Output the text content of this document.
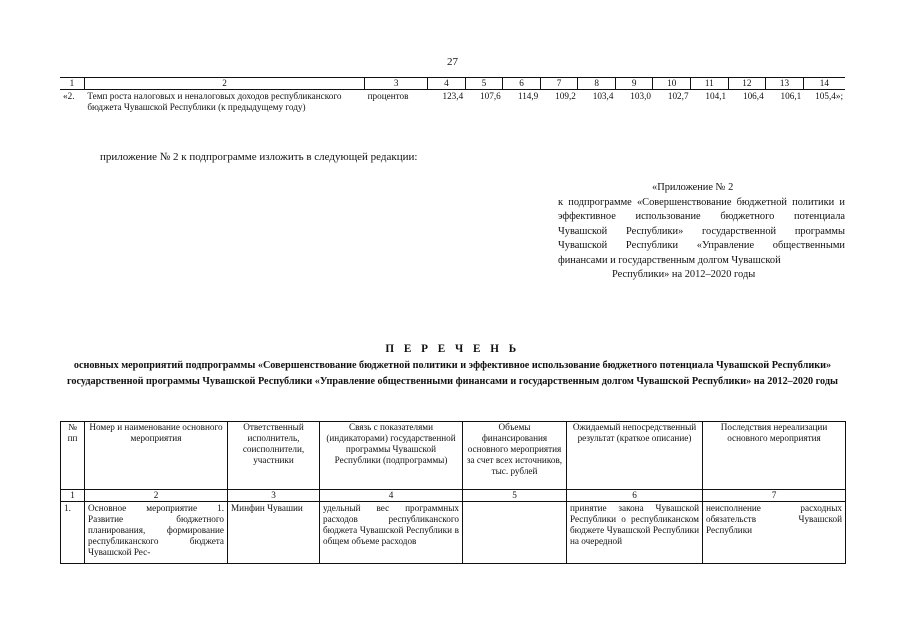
27
1	2	3	4	5	6	7	8	9	10	11	12	13	14
«2.	Темп роста налоговых и неналоговых доходов республиканского бюджета Чувашской Республики (к предыдущему году)	процентов	123,4	107,6	114,9	109,2	103,4	103,0	102,7	104,1	106,4	106,1	105,4»;
приложение № 2 к подпрограмме изложить в следующей редакции:
«Приложение № 2
к подпрограмме «Совершенствование бюджетной политики и эффективное использование бюджетного потенциала Чувашской Республики» государственной программы Чувашской Республики «Управление общественными финансами и государственным долгом Чувашской
Республики» на 2012–2020 годы
П Е Р Е Ч Е Н Ь
основных мероприятий подпрограммы «Совершенствование бюджетной политики и эффективное использование бюджетного потенциала Чувашской Республики» государственной программы Чувашской Республики «Управление общественными финансами и государственным долгом Чувашской Республики» на 2012–2020 годы
№ пп	Номер и наименование основного мероприятия	Ответственный исполнитель, соисполнители, участники	Связь с показателями (индикаторами) государственной программы Чувашской Республики (подпрограммы)	Объемы финансирования основного мероприятия за счет всех источников, тыс. рублей	Ожидаемый непосредственный результат (краткое описание)	Последствия нереализации основного мероприятия
1	2	3	4	5	6	7
1.	Основное мероприятие 1. Развитие бюджетного планирования, формирование республиканского бюджета Чувашской Рес-	Минфин Чувашии	удельный вес программных расходов республиканского бюджета Чувашской Республики в общем объеме расходов		принятие закона Чувашской Республики о республиканском бюджете Чувашской Республики на очередной	неисполнение расходных обязательств Чувашской Республики
